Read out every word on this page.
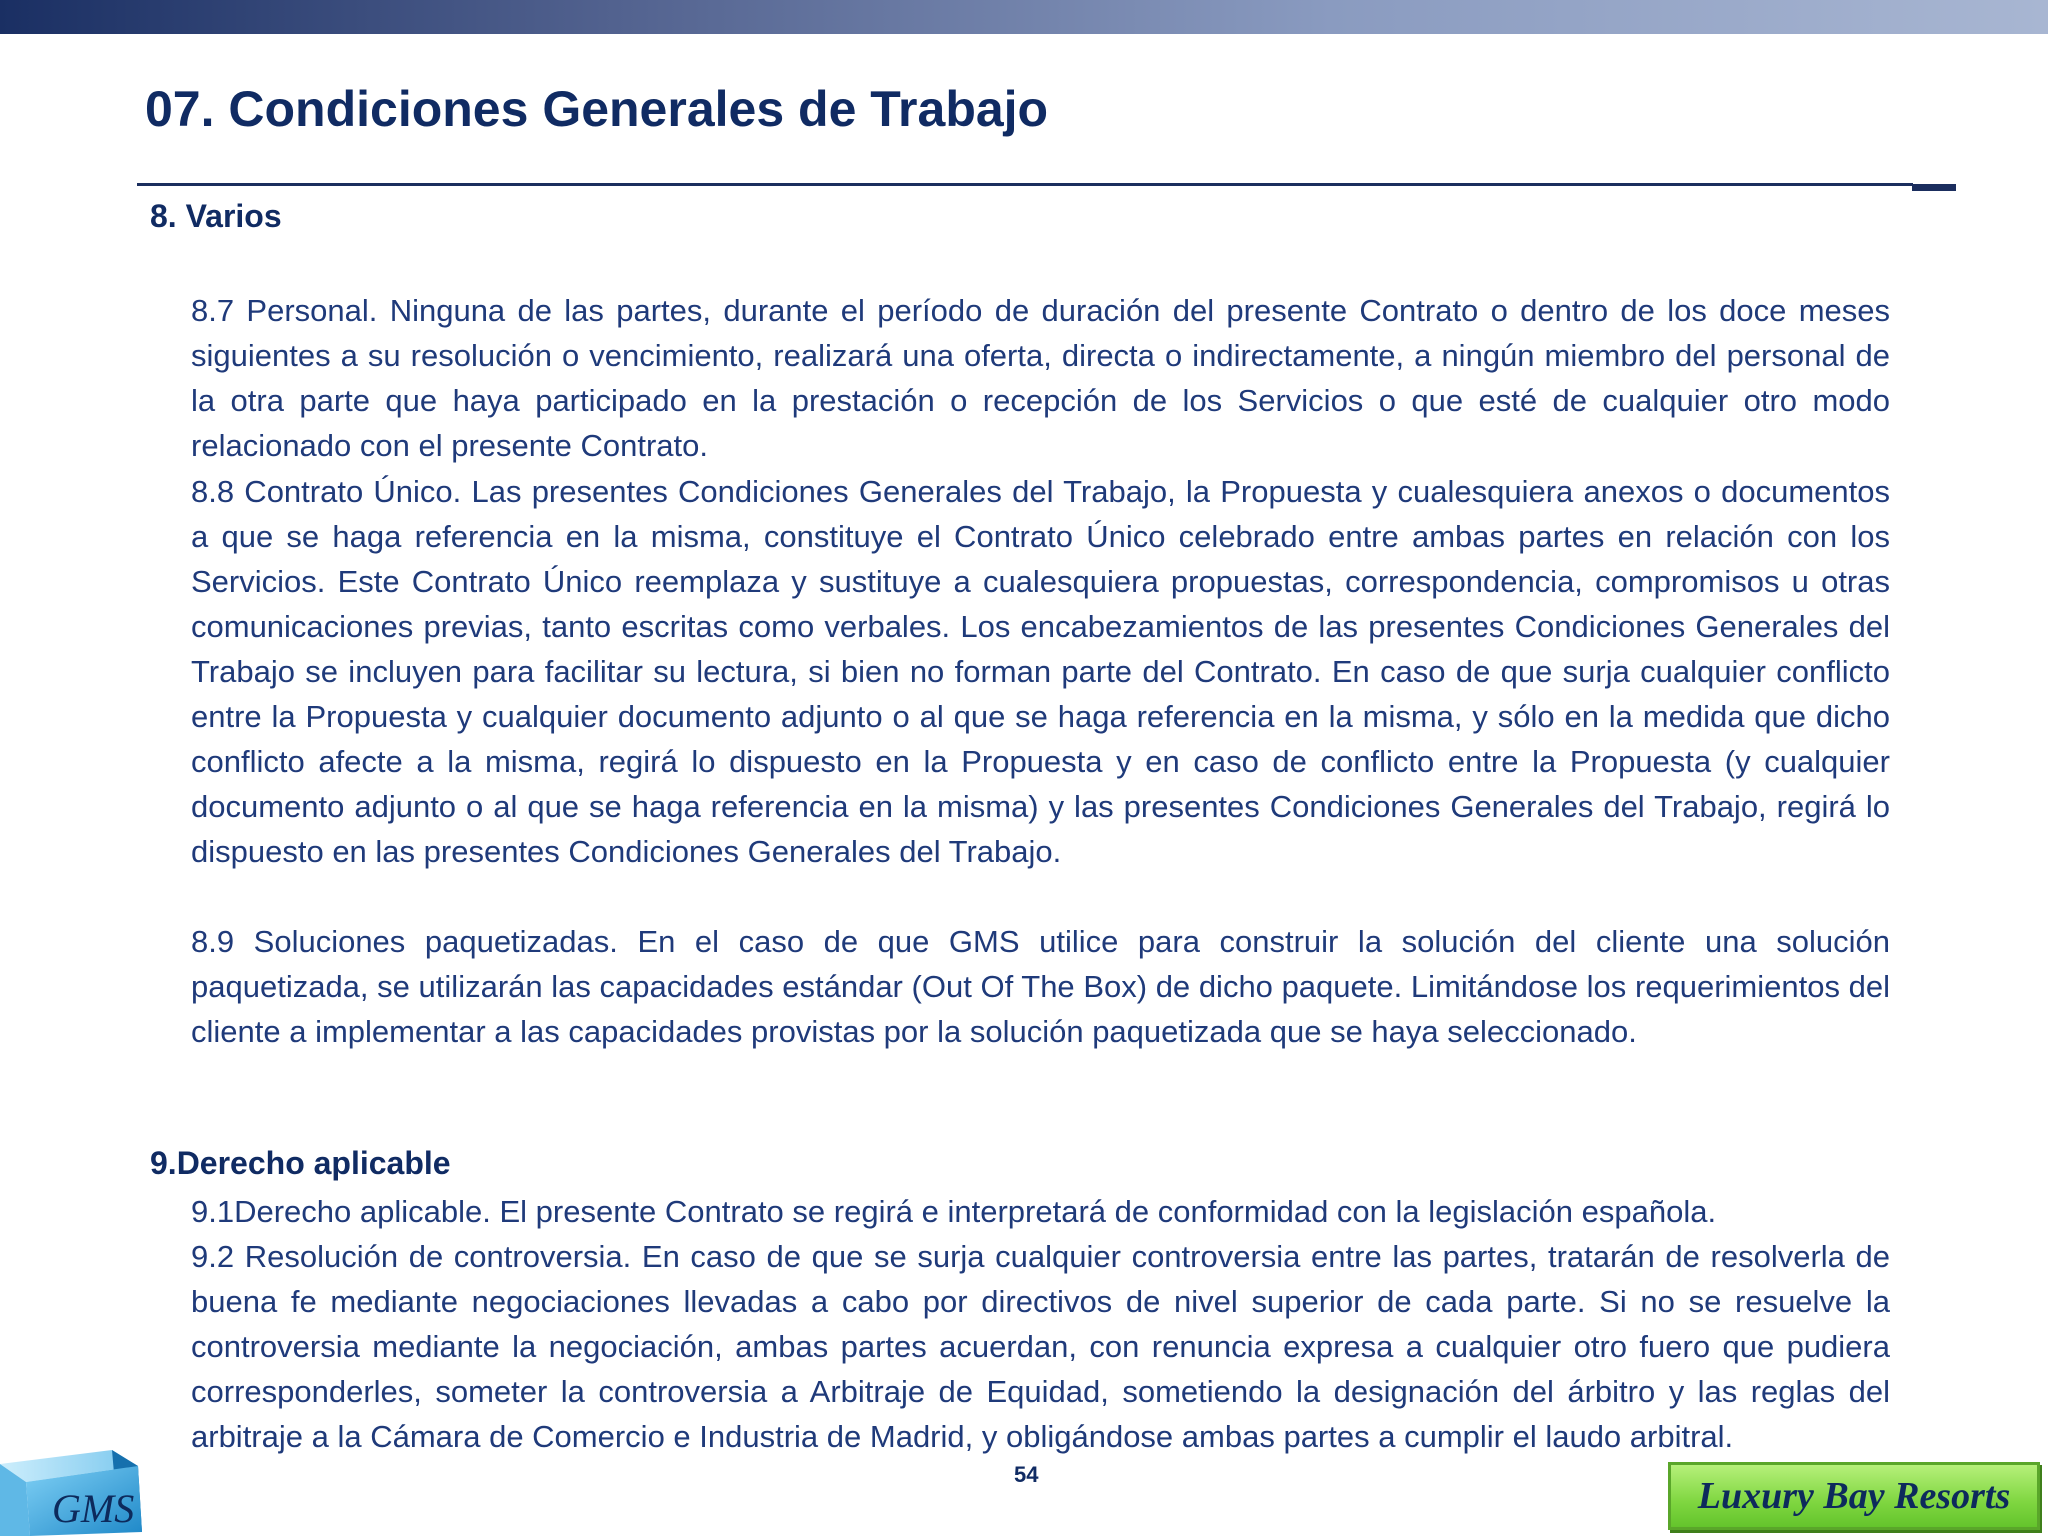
07. Condiciones Generales de Trabajo
8. Varios

8.7 Personal. Ninguna de las partes, durante el período de duración del presente Contrato o dentro de los doce meses siguientes a su resolución o vencimiento, realizará una oferta, directa o indirectamente, a ningún miembro del personal de la otra parte que haya participado en la prestación o recepción de los Servicios o que esté de cualquier otro modo relacionado con el presente Contrato.

8.8 Contrato Único. Las presentes Condiciones Generales del Trabajo, la Propuesta y cualesquiera anexos o documentos a que se haga referencia en la misma, constituye el Contrato Único celebrado entre ambas partes en relación con los Servicios. Este Contrato Único reemplaza y sustituye a cualesquiera propuestas, correspondencia, compromisos u otras comunicaciones previas, tanto escritas como verbales. Los encabezamientos de las presentes Condiciones Generales del Trabajo se incluyen para facilitar su lectura, si bien no forman parte del Contrato. En caso de que surja cualquier conflicto entre la Propuesta y cualquier documento adjunto o al que se haga referencia en la misma, y sólo en la medida que dicho conflicto afecte a la misma, regirá lo dispuesto en la Propuesta y en caso de conflicto entre la Propuesta (y cualquier documento adjunto o al que se haga referencia en la misma) y las presentes Condiciones Generales del Trabajo, regirá lo dispuesto en las presentes Condiciones Generales del Trabajo.

8.9 Soluciones paquetizadas. En el caso de que GMS utilice para construir la solución del cliente una solución paquetizada, se utilizarán las capacidades estándar (Out Of The Box) de dicho paquete. Limitándose los requerimientos del cliente a implementar a las capacidades provistas por la solución paquetizada que se haya seleccionado.

9.Derecho aplicable

9.1Derecho aplicable. El presente Contrato se regirá e interpretará de conformidad con la legislación española.

9.2 Resolución de controversia. En caso de que se surja cualquier controversia entre las partes, tratarán de resolverla de buena fe mediante negociaciones llevadas a cabo por directivos de nivel superior de cada parte. Si no se resuelve la controversia mediante la negociación, ambas partes acuerdan, con renuncia expresa a cualquier otro fuero que pudiera corresponderles, someter la controversia a Arbitraje de Equidad, sometiendo la designación del árbitro y las reglas del arbitraje a la Cámara de Comercio e Industria de Madrid, y obligándose ambas partes a cumplir el laudo arbitral.

54
GMS	Luxury Bay Resorts
